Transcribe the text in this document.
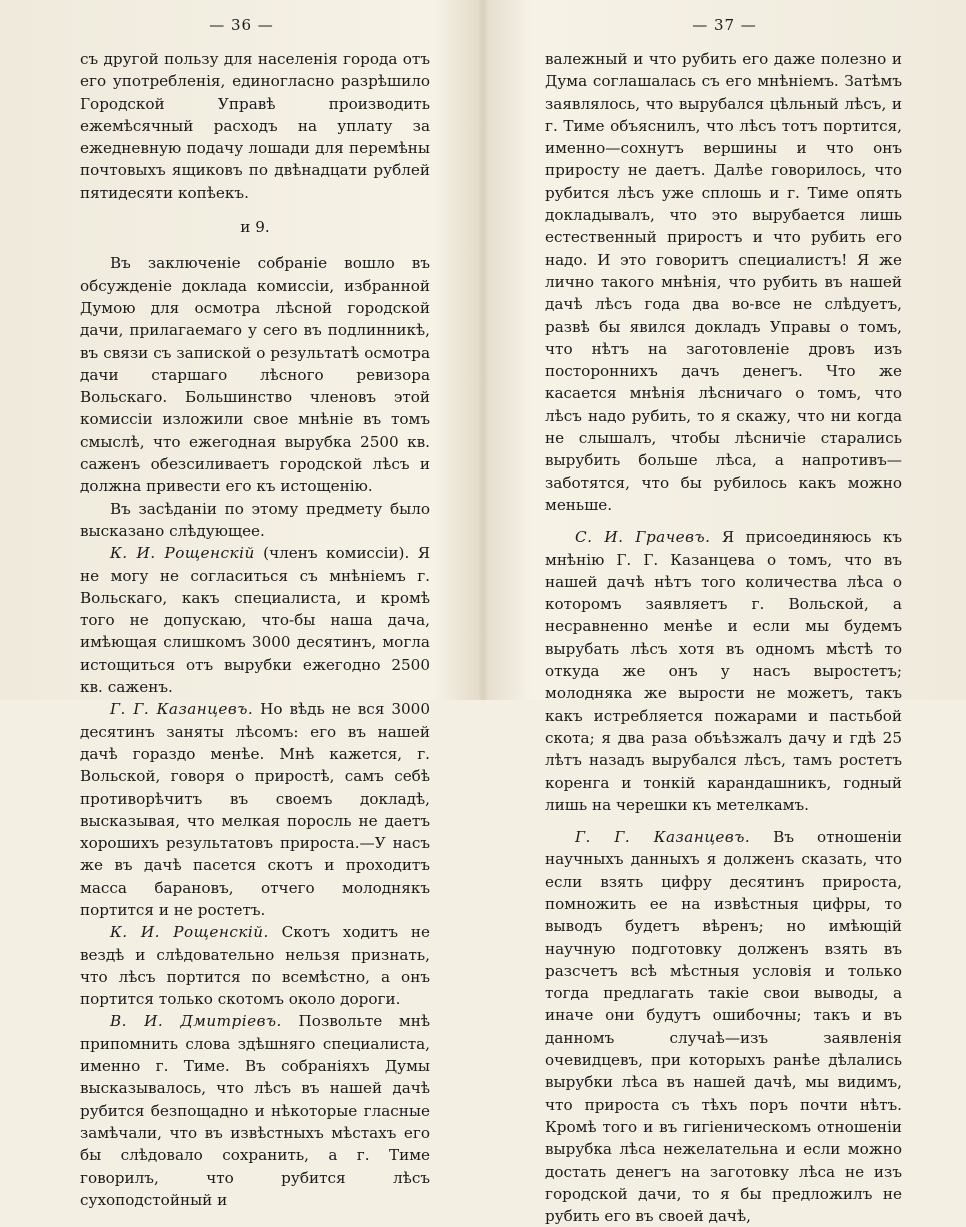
— 36 —

съ другой пользу для населенія города отъ его употребленія, единогласно разрѣшило Городской Управѣ производить ежемѣсячный расходъ на уплату за ежедневную подачу лошади для перемѣны почтовыхъ ящиковъ по двѣнадцати рублей пятидесяти копѣекъ.

и 9.

Въ заключеніе собраніе вошло въ обсужденіе доклада комиссіи, избранной Думою для осмотра лѣсной городской дачи, прилагаемаго у сего въ подлинникѣ, въ связи съ запиской о результатѣ осмотра дачи старшаго лѣсного ревизора Вольскаго. Большинство членовъ этой комиссіи изложили свое мнѣніе въ томъ смыслѣ, что ежегодная вырубка 2500 кв. саженъ обезсиливаетъ городской лѣсъ и должна привести его къ истощенію.

Въ засѣданіи по этому предмету было высказано слѣдующее.

К. И. Рощенскій (членъ комиссіи). Я не могу не согласиться съ мнѣніемъ г. Вольскаго, какъ специалиста, и кромѣ того не допускаю, что-бы наша дача, имѣющая слишкомъ 3000 десятинъ, могла истощиться отъ вырубки ежегодно 2500 кв. саженъ.

Г. Г. Казанцевъ. Но вѣдь не вся 3000 десятинъ заняты лѣсомъ: его въ нашей дачѣ гораздо менѣе. Мнѣ кажется, г. Вольской, говоря о приростѣ, самъ себѣ противорѣчитъ въ своемъ докладѣ, высказывая, что мелкая поросль не даетъ хорошихъ результатовъ прироста.—У насъ же въ дачѣ пасется скотъ и проходитъ масса барановъ, отчего молоднякъ портится и не ростетъ.

К. И. Рощенскій. Скотъ ходитъ не вездѣ и слѣдовательно нельзя признать, что лѣсъ портится по всемѣстно, а онъ портится только скотомъ около дороги.

В. И. Дмитріевъ. Позвольте мнѣ припомнить слова здѣшняго специалиста, именно г. Тиме. Въ собраніяхъ Думы высказывалось, что лѣсъ въ нашей дачѣ рубится безпощадно и нѣкоторые гласные замѣчали, что въ извѣстныхъ мѣстахъ его бы слѣдовало сохранить, а г. Тиме говорилъ, что рубится лѣсъ сухоподстойный и

— 37 —

валежный и что рубить его даже полезно и Дума соглашалась съ его мнѣніемъ. Затѣмъ заявлялось, что вырубался цѣльный лѣсъ, и г. Тиме объяснилъ, что лѣсъ тотъ портится, именно—сохнутъ вершины и что онъ приросту не даетъ. Далѣе говорилось, что рубится лѣсъ уже сплошь и г. Тиме опять докладывалъ, что это вырубается лишь естественный приростъ и что рубить его надо. И это говоритъ специалистъ! Я же лично такого мнѣнія, что рубить въ нашей дачѣ лѣсъ года два во-все не слѣдуетъ, развѣ бы явился докладъ Управы о томъ, что нѣтъ на заготовленіе дровъ изъ постороннихъ дачъ денегъ. Что же касается мнѣнія лѣсничаго о томъ, что лѣсъ надо рубить, то я скажу, что ни когда не слышалъ, чтобы лѣсничіе старались вырубить больше лѣса, а напротивъ—заботятся, что бы рубилось какъ можно меньше.

С. И. Грачевъ. Я присоединяюсь къ мнѣнію Г. Г. Казанцева о томъ, что въ нашей дачѣ нѣтъ того количества лѣса о которомъ заявляетъ г. Вольской, а несравненно менѣе и если мы будемъ вырубать лѣсъ хотя въ одномъ мѣстѣ то откуда же онъ у насъ выростетъ; молодняка же вырости не можетъ, такъ какъ истребляется пожарами и пастьбой скота; я два раза объѣзжалъ дачу и гдѣ 25 лѣтъ назадъ вырубался лѣсъ, тамъ ростетъ коренга и тонкій карандашникъ, годный лишь на черешки къ метелкамъ.

Г. Г. Казанцевъ. Въ отношеніи научныхъ данныхъ я долженъ сказать, что если взять цифру десятинъ прироста, помножить ее на извѣстныя цифры, то выводъ будетъ вѣренъ; но имѣющій научную подготовку долженъ взять въ разсчетъ всѣ мѣстныя условія и только тогда предлагать такіе свои выводы, а иначе они будутъ ошибочны; такъ и въ данномъ случаѣ—изъ заявленія очевидцевъ, при которыхъ ранѣе дѣлались вырубки лѣса въ нашей дачѣ, мы видимъ, что прироста съ тѣхъ поръ почти нѣтъ. Кромѣ того и въ гигіеническомъ отношеніи вырубка лѣса нежелательна и если можно достать денегъ на заготовку лѣса не изъ городской дачи, то я бы предложилъ не рубить его въ своей дачѣ,
